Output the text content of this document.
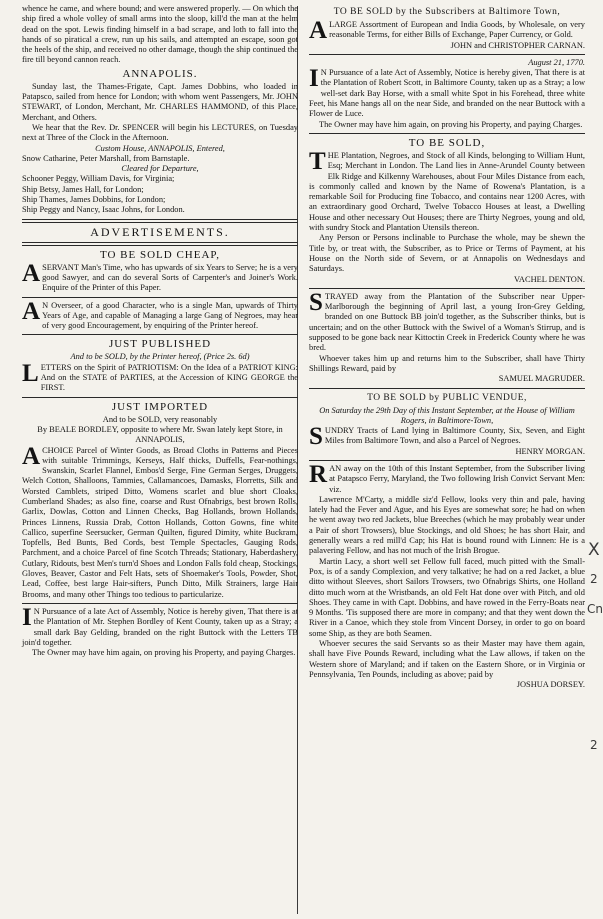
whence he came, and where bound; and were answered properly. — On which the ship fired a whole volley of small arms into the sloop, kill'd the man at the helm dead on the spot. Lewis finding himself in a bad scrape, and loth to fall into the hands of so piratical a crew, run up his sails, and attempted an escape, soon got the heels of the ship, and received no other damage, though the ship continued the fire till beyond cannon reach.

ANNAPOLIS.

Sunday last, the Thames-Frigate, Capt. James Dobbins, who loaded in Patapsco, sailed from hence for London; with whom went Passengers, Mr. JOHN STEWART, of London, Merchant, Mr. CHARLES HAMMOND, of this Place, Merchant, and Others.

We hear that the Rev. Dr. SPENCER will begin his LECTURES, on Tuesday next at Three of the Clock in the Afternoon.

Custom House, ANNAPOLIS, Entered,

Snow Catharine, Peter Marshall, from Barnstaple.

Cleared for Departure,

Schooner Peggy, William Davis, for Virginia;

Ship Betsy, James Hall, for London;

Ship Thames, James Dobbins, for London;

Ship Peggy and Nancy, Isaac Johns, for London.

ADVERTISEMENTS.
TO BE SOLD CHEAP,

ASERVANT Man's Time, who has upwards of six Years to Serve; he is a very good Sawyer, and can do several Sorts of Carpenter's and Joiner's Work. Enquire of the Printer of this Paper.

A N Overseer, of a good Character, who is a single Man, upwards of Thirty Years of Age, and capable of Managing a large Gang of Negroes, may hear of very good Encouragement, by enquiring of the Printer hereof.

JUST PUBLISHED

And to be SOLD, by the Printer hereof, (Price 2s. 6d)

LETTERS on the Spirit of PATRIOTISM: On the Idea of a PATRIOT KING: And on the STATE of PARTIES, at the Accession of KING GEORGE the FIRST.

JUST IMPORTED

And to be SOLD, very reasonably

By BEALE BORDLEY, opposite to where Mr. Swan lately kept Store, in ANNAPOLIS,

ACHOICE Parcel of Winter Goods, as Broad Cloths in Patterns and Pieces with suitable Trimmings, Kerseys, Half thicks, Duffells, Fear-nothings, Swanskin, Scarlet Flannel, Embos'd Serge, Fine German Serges, Druggets, Welch Cotton, Shalloons, Tammies, Callamancoes, Damasks, Florretts, Silk and Worsted Camblets, striped Ditto, Womens scarlet and blue short Cloaks, Cumberland Shades; as also fine, coarse and Rust Ofnabrigs, best brown Rolls, Garlix, Dowlas, Cotton and Linnen Checks, Bag Hollands, brown Hollands, Princes Linnens, Russia Drab, Cotton Hollands, Cotton Gowns, fine white Callico, superfine Seersucker, German Quilten, figured Dimity, white Buckram, Topfells, Bed Bunts, Bed Cords, best Temple Spectacles, Gauging Rods, Parchment, and a choice Parcel of fine Scotch Threads; Stationary, Haberdashery, Cutlary, Ridouts, best Men's turn'd Shoes and London Falls fold cheap, Stockings, Gloves, Beaver, Castor and Felt Hats, sets of Shoemaker's Tools, Powder, Shot, Lead, Coffee, best large Hair-sifters, Punch Ditto, Milk Strainers, large Hair Brooms, and many other Things too tedious to particularize.

I N Pursuance of a late Act of Assembly, Notice is hereby given, That there is at the Plantation of Mr. Stephen Bordley of Kent County, taken up as a Stray; a small dark Bay Gelding, branded on the right Buttock with the Letters TB join'd together.

The Owner may have him again, on proving his Property, and paying Charges.

TO BE SOLD by the Subscribers at Baltimore Town,

ALARGE Assortment of European and India Goods, by Wholesale, on very reasonable Terms, for either Bills of Exchange, Paper Currency, or Gold.

JOHN and CHRISTOPHER CARNAN.

August 21, 1770.

I N Pursuance of a late Act of Assembly, Notice is hereby given, That there is at the Plantation of Robert Scott, in Baltimore County, taken up as a Stray; a low well-set dark Bay Horse, with a small white Spot in his Forehead, three white Feet, his Mane hangs all on the near Side, and branded on the near Buttock with a Flower de Luce.

The Owner may have him again, on proving his Property, and paying Charges.

TO BE SOLD,

THE Plantation, Negroes, and Stock of all Kinds, belonging to William Hunt, Esq; Merchant in London. The Land lies in Anne-Arundel County between Elk Ridge and Kilkenny Warehouses, about Four Miles Distance from each, is commonly called and known by the Name of Rowena's Plantation, is a remarkable Soil for Producing fine Tobacco, and contains near 1200 Acres, with an extraordinary good Orchard, Twelve Tobacco Houses at least, a Dwelling House and other necessary Out Houses; there are Thirty Negroes, young and old, with sundry Stock and Plantation Utensils thereon.

Any Person or Persons inclinable to Purchase the whole, may be shewn the Title by, or treat with, the Subscriber, as to Price or Terms of Payment, at his House on the North side of Severn, or at Annapolis on Wednesdays and Saturdays.

VACHEL DENTON.

STRAYED away from the Plantation of the Subscriber near Upper-Marlborough the beginning of April last, a young Iron-Grey Gelding, branded on one Buttock BB join'd together, as the Subscriber thinks, but is uncertain; and on the other Buttock with the Swivel of a Woman's Stirrup, and is supposed to be gone back near Kittoctin Creek in Frederick County where he was bred.

Whoever takes him up and returns him to the Subscriber, shall have Thirty Shillings Reward, paid by

SAMUEL MAGRUDER.

TO BE SOLD by PUBLIC VENDUE,

On Saturday the 29th Day of this Instant September, at the House of William Rogers, in Baltimore-Town,

SUNDRY Tracts of Land lying in Baltimore County, Six, Seven, and Eight Miles from Baltimore Town, and also a Parcel of Negroes.

HENRY MORGAN.

RAN away on the 10th of this Instant September, from the Subscriber living at Patapsco Ferry, Maryland, the Two following Irish Convict Servant Men: viz.

Lawrence M'Carty, a middle siz'd Fellow, looks very thin and pale, having lately had the Fever and Ague, and his Eyes are somewhat sore; he had on when he went away two red Jackets, blue Breeches (which he may probably wear under a Pair of short Trowsers), blue Stockings, and old Shoes; he has short Hair, and generally wears a red mill'd Cap; his Hat is bound round with Linnen: He is a palavering Fellow, and has not much of the Irish Brogue.

Martin Lacy, a short well set Fellow full faced, much pitted with the Small-Pox, is of a sandy Complexion, and very talkative; he had on a red Jacket, a blue ditto without Sleeves, short Sailors Trowsers, two Ofnabrigs Shirts, one Holland ditto much worn at the Wristbands, an old Felt Hat done over with Pitch, and old Shoes. They came in with Capt. Dobbins, and have rowed in the Ferry-Boats near 9 Months. 'Tis supposed there are more in company; and that they went down the River in a Canoe, which they stole from Vincent Dorsey, in order to go on board some Ship, as they are both Seamen.

Whoever secures the said Servants so as their Master may have them again, shall have Five Pounds Reward, including what the Law allows, if taken on the Western shore of Maryland; and if taken on the Eastern Shore, or in Virginia or Pennsylvania, Ten Pounds, including as above; paid by

JOSHUA DORSEY.

X
2
Cn
2
